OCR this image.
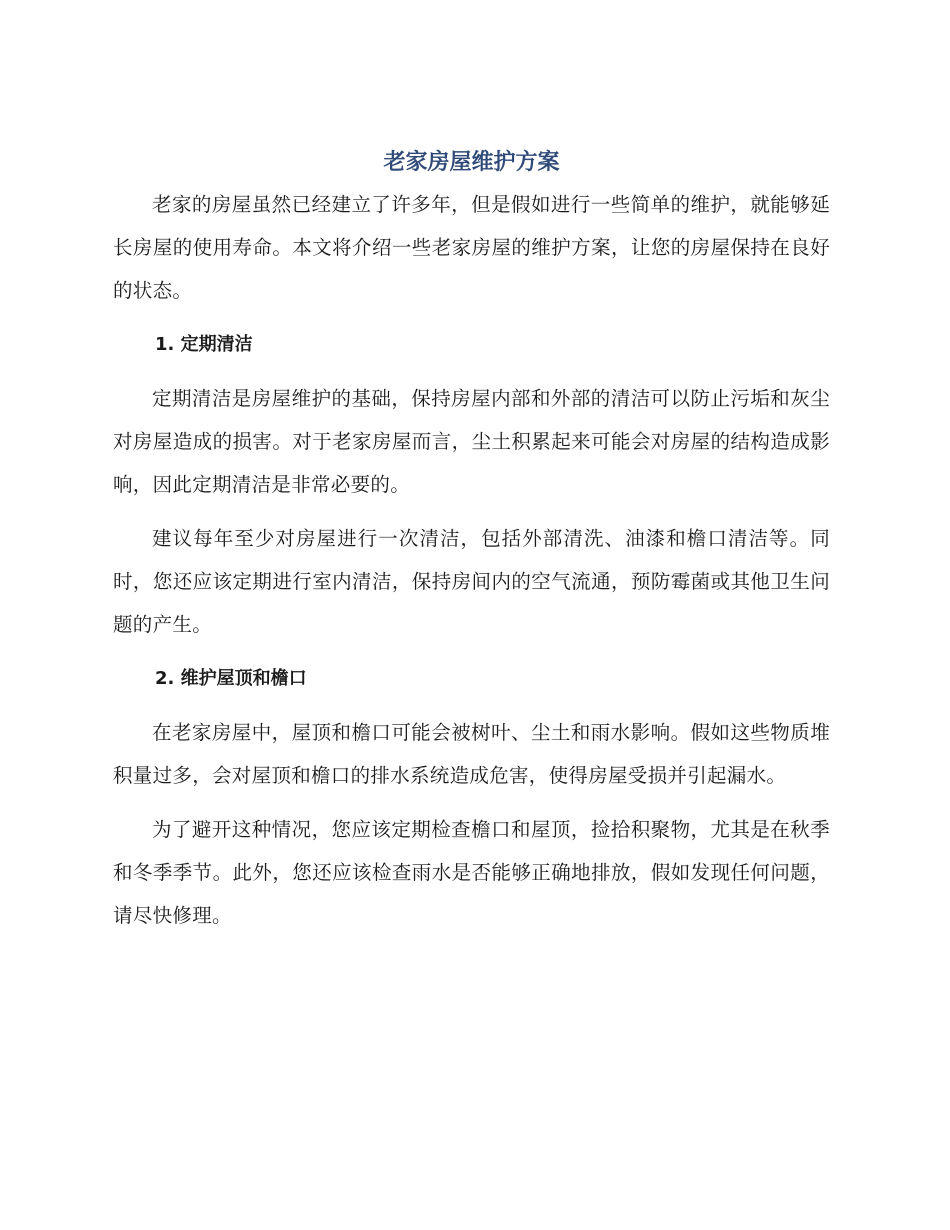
老家房屋维护方案

老家的房屋虽然已经建立了许多年，但是假如进行一些简单的维护，就能够延长房屋的使用寿命。本文将介绍一些老家房屋的维护方案，让您的房屋保持在良好的状态。

1. 定期清洁

定期清洁是房屋维护的基础，保持房屋内部和外部的清洁可以防止污垢和灰尘对房屋造成的损害。对于老家房屋而言，尘土积累起来可能会对房屋的结构造成影响，因此定期清洁是非常必要的。

建议每年至少对房屋进行一次清洁，包括外部清洗、油漆和檐口清洁等。同时，您还应该定期进行室内清洁，保持房间内的空气流通，预防霉菌或其他卫生问题的产生。

2. 维护屋顶和檐口

在老家房屋中，屋顶和檐口可能会被树叶、尘土和雨水影响。假如这些物质堆积量过多，会对屋顶和檐口的排水系统造成危害，使得房屋受损并引起漏水。

为了避开这种情况，您应该定期检查檐口和屋顶，捡拾积聚物，尤其是在秋季和冬季季节。此外，您还应该检查雨水是否能够正确地排放，假如发现任何问题，请尽快修理。
